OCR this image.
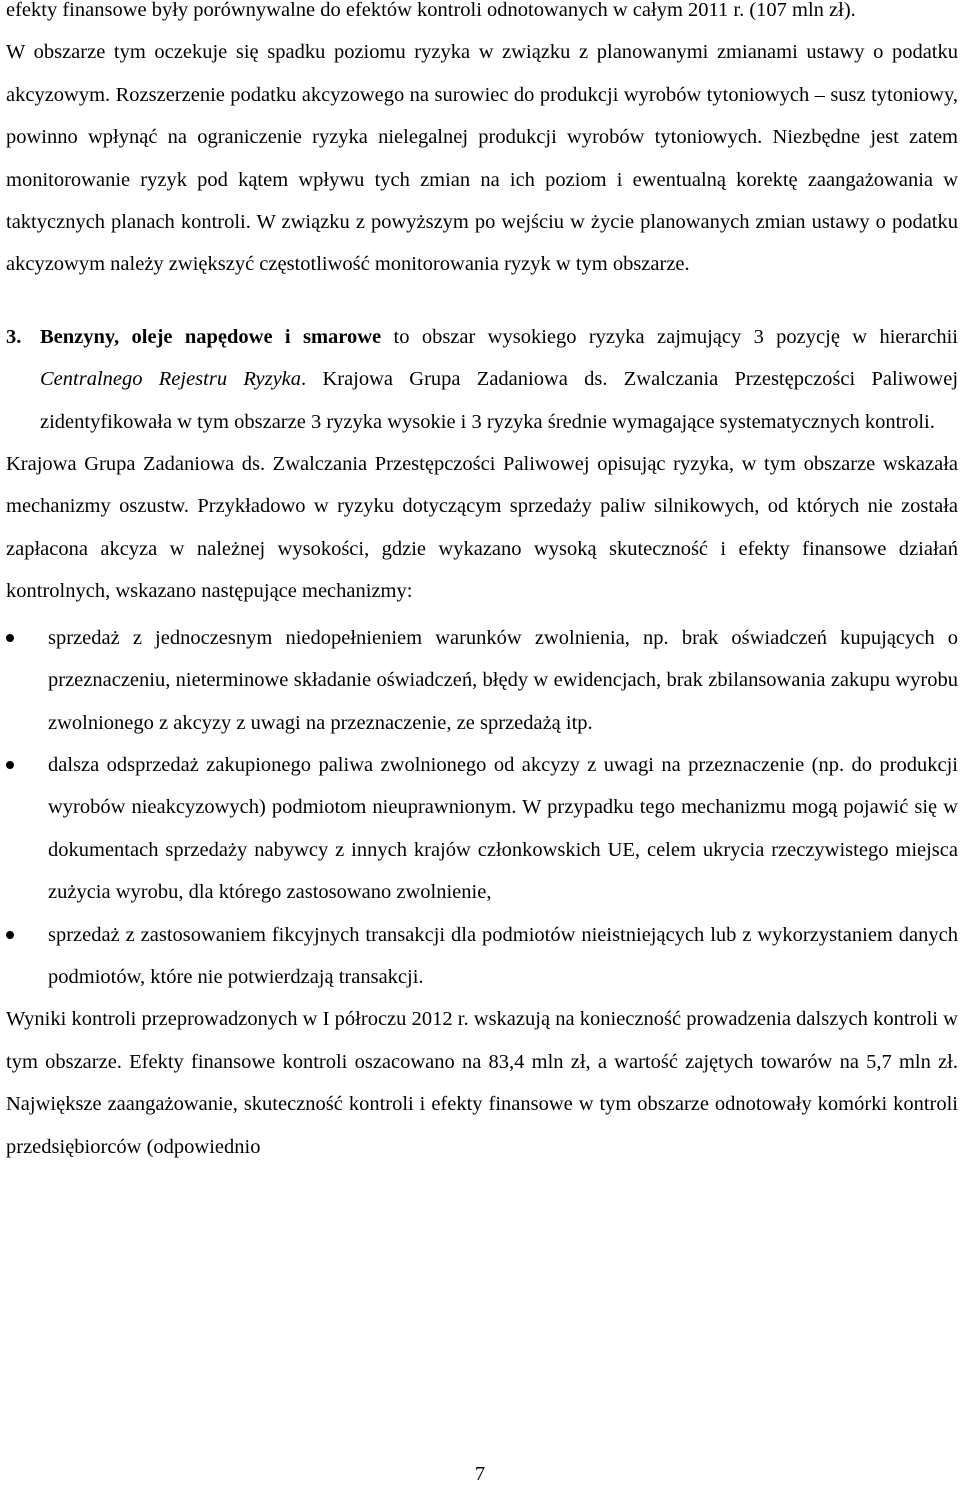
efekty finansowe były porównywalne do efektów kontroli odnotowanych w całym 2011 r. (107 mln zł).

W obszarze tym oczekuje się spadku poziomu ryzyka w związku z planowanymi zmianami ustawy o podatku akcyzowym. Rozszerzenie podatku akcyzowego na surowiec do produkcji wyrobów tytoniowych – susz tytoniowy, powinno wpłynąć na ograniczenie ryzyka nielegalnej produkcji wyrobów tytoniowych. Niezbędne jest zatem monitorowanie ryzyk pod kątem wpływu tych zmian na ich poziom i ewentualną korektę zaangażowania w taktycznych planach kontroli. W związku z powyższym po wejściu w życie planowanych zmian ustawy o podatku akcyzowym należy zwiększyć częstotliwość monitorowania ryzyk w tym obszarze.

3. Benzyny, oleje napędowe i smarowe to obszar wysokiego ryzyka zajmujący 3 pozycję w hierarchii Centralnego Rejestru Ryzyka. Krajowa Grupa Zadaniowa ds. Zwalczania Przestępczości Paliwowej zidentyfikowała w tym obszarze 3 ryzyka wysokie i 3 ryzyka średnie wymagające systematycznych kontroli.

Krajowa Grupa Zadaniowa ds. Zwalczania Przestępczości Paliwowej opisując ryzyka, w tym obszarze wskazała mechanizmy oszustw. Przykładowo w ryzyku dotyczącym sprzedaży paliw silnikowych, od których nie została zapłacona akcyza w należnej wysokości, gdzie wykazano wysoką skuteczność i efekty finansowe działań kontrolnych, wskazano następujące mechanizmy:

sprzedaż z jednoczesnym niedopełnieniem warunków zwolnienia, np. brak oświadczeń kupujących o przeznaczeniu, nieterminowe składanie oświadczeń, błędy w ewidencjach, brak zbilansowania zakupu wyrobu zwolnionego z akcyzy z uwagi na przeznaczenie, ze sprzedażą itp.
dalsza odsprzedaż zakupionego paliwa zwolnionego od akcyzy z uwagi na przeznaczenie (np. do produkcji wyrobów nieakcyzowych) podmiotom nieuprawnionym. W przypadku tego mechanizmu mogą pojawić się w dokumentach sprzedaży nabywcy z innych krajów członkowskich UE, celem ukrycia rzeczywistego miejsca zużycia wyrobu, dla którego zastosowano zwolnienie,
sprzedaż z zastosowaniem fikcyjnych transakcji dla podmiotów nieistniejących lub z wykorzystaniem danych podmiotów, które nie potwierdzają transakcji.

Wyniki kontroli przeprowadzonych w I półroczu 2012 r. wskazują na konieczność prowadzenia dalszych kontroli w tym obszarze. Efekty finansowe kontroli oszacowano na 83,4 mln zł, a wartość zajętych towarów na 5,7 mln zł. Największe zaangażowanie, skuteczność kontroli i efekty finansowe w tym obszarze odnotowały komórki kontroli przedsiębiorców (odpowiednio

7
